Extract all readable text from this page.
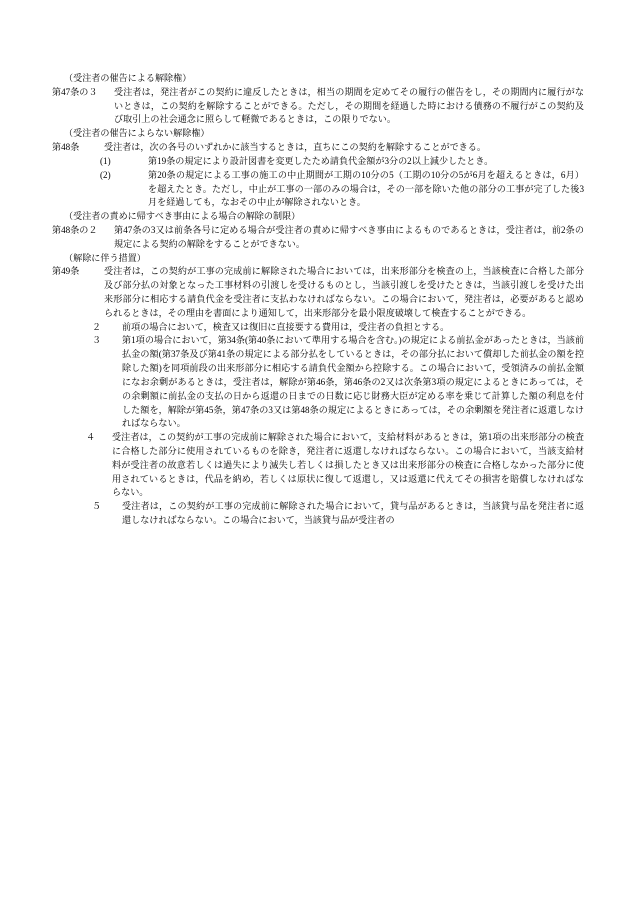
（受注者の催告による解除権）
第47条の３ 受注者は，発注者がこの契約に違反したときは，相当の期間を定めてその履行の催告をし，その期間内に履行がないときは，この契約を解除することができる。ただし，その期間を経過した時における債務の不履行がこの契約及び取引上の社会通念に照らして軽微であるときは，この限りでない。
（受注者の催告によらない解除権）
第48条	受注者は，次の各号のいずれかに該当するときは，直ちにこの契約を解除することができる。
(1)	第19条の規定により設計図書を変更したため請負代金額が3分の2以上減少したとき。
(2)	第20条の規定による工事の施工の中止期間が工期の10分の5（工期の10分の5が6月を超えるときは，6月）を超えたとき。ただし，中止が工事の一部のみの場合は，その一部を除いた他の部分の工事が完了した後3月を経過しても，なおその中止が解除されないとき。
（受注者の責めに帰すべき事由による場合の解除の制限）
第48条の２ 第47条の3又は前条各号に定める場合が受注者の責めに帰すべき事由によるものであるときは，受注者は，前2条の規定による契約の解除をすることができない。
（解除に伴う措置）
第49条	受注者は，この契約が工事の完成前に解除された場合においては，出来形部分を検査の上，当該検査に合格した部分及び部分払の対象となった工事材料の引渡しを受けるものとし，当該引渡しを受けたときは，当該引渡しを受けた出来形部分に相応する請負代金を受注者に支払わなければならない。この場合において，発注者は，必要があると認められるときは，その理由を書面により通知して，出来形部分を最小限度破壊して検査することができる。
２ 前項の場合において，検査又は復旧に直接要する費用は，受注者の負担とする。
３ 第1項の場合において，第34条(第40条において準用する場合を含む。)の規定による前払金があったときは，当該前払金の額(第37条及び第41条の規定による部分払をしているときは，その部分払において償却した前払金の額を控除した額)を同項前段の出来形部分に相応する請負代金額から控除する。この場合において，受領済みの前払金額になお余剰があるときは，受注者は，解除が第46条，第46条の2又は次条第3項の規定によるときにあっては，その余剰額に前払金の支払の日から返還の日までの日数に応じ財務大臣が定める率を乗じて計算した額の利息を付した額を，解除が第45条，第47条の3又は第48条の規定によるときにあっては，その余剰額を発注者に返還しなければならない。
４ 受注者は，この契約が工事の完成前に解除された場合において，支給材料があるときは，第1項の出来形部分の検査に合格した部分に使用されているものを除き，発注者に返還しなければならない。この場合において，当該支給材料が受注者の故意若しくは過失により滅失し若しくは損したとき又は出来形部分の検査に合格しなかった部分に使用されているときは，代品を納め，若しくは原状に復して返還し，又は返還に代えてその損害を賠償しなければならない。
５ 受注者は，この契約が工事の完成前に解除された場合において，貸与品があるときは，当該貸与品を発注者に返還しなければならない。この場合において，当該貸与品が受注者の
